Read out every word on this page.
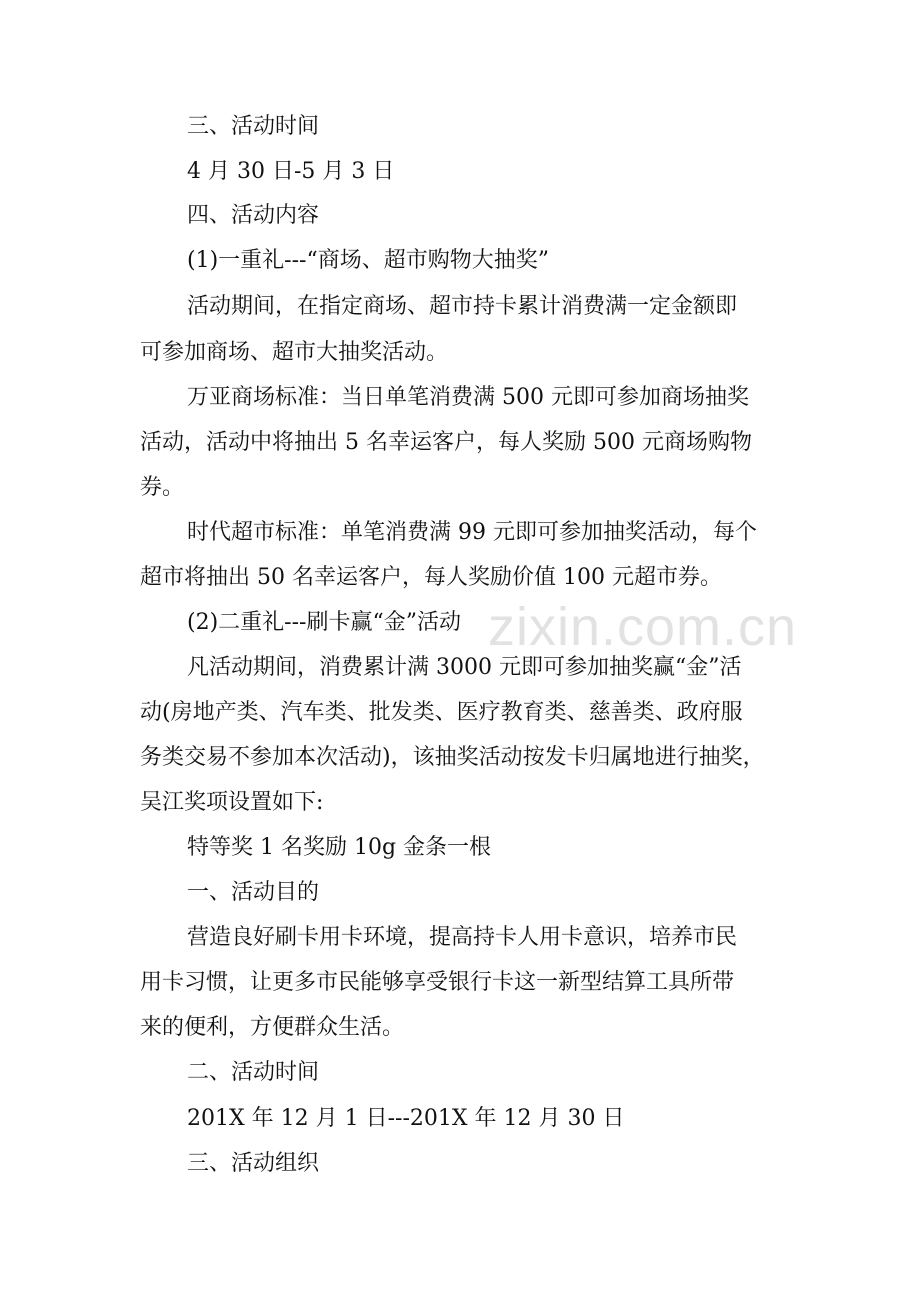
三、活动时间

4 月 30 日-5 月 3 日

四、活动内容

(1)一重礼---“商场、超市购物大抽奖”

活动期间，在指定商场、超市持卡累计消费满一定金额即

可参加商场、超市大抽奖活动。

万亚商场标准：当日单笔消费满 500 元即可参加商场抽奖

活动，活动中将抽出 5 名幸运客户，每人奖励 500 元商场购物

券。

时代超市标准：单笔消费满 99 元即可参加抽奖活动，每个

超市将抽出 50 名幸运客户，每人奖励价值 100 元超市券。

(2)二重礼---刷卡赢“金”活动

凡活动期间，消费累计满 3000 元即可参加抽奖赢“金”活

动(房地产类、汽车类、批发类、医疗教育类、慈善类、政府服

务类交易不参加本次活动)，该抽奖活动按发卡归属地进行抽奖，

吴江奖项设置如下:

特等奖 1 名奖励 10g 金条一根

一、活动目的

营造良好刷卡用卡环境，提高持卡人用卡意识，培养市民

用卡习惯，让更多市民能够享受银行卡这一新型结算工具所带

来的便利，方便群众生活。

二、活动时间

201X 年 12 月 1 日---201X 年 12 月 30 日

三、活动组织

zixin.com.cn
